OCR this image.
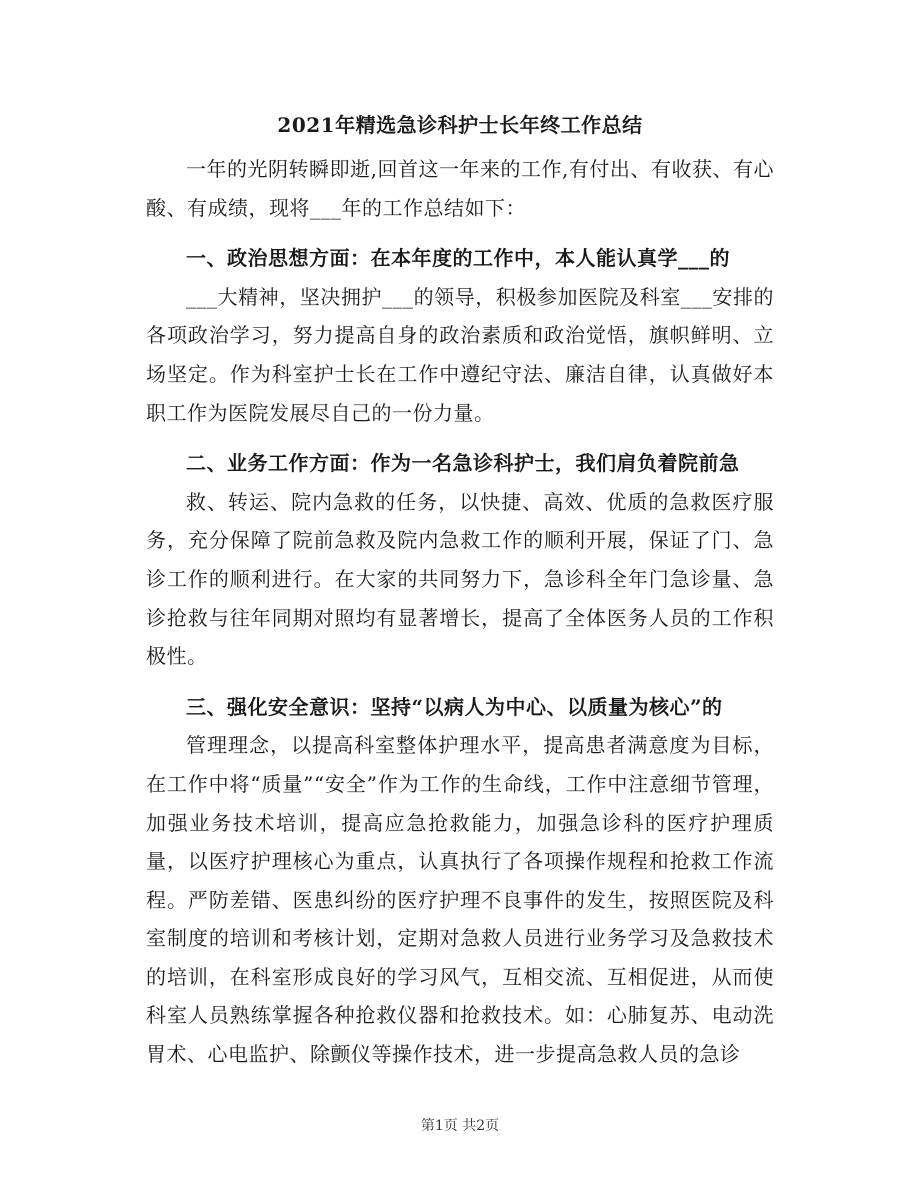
2021年精选急诊科护士长年终工作总结

一年的光阴转瞬即逝,回首这一年来的工作,有付出、有收获、有心酸、有成绩，现将___年的工作总结如下：

一、政治思想方面：在本年度的工作中，本人能认真学___的

___大精神，坚决拥护___的领导，积极参加医院及科室___安排的各项政治学习，努力提高自身的政治素质和政治觉悟，旗帜鲜明、立场坚定。作为科室护士长在工作中遵纪守法、廉洁自律，认真做好本职工作为医院发展尽自己的一份力量。

二、业务工作方面：作为一名急诊科护士，我们肩负着院前急

救、转运、院内急救的任务，以快捷、高效、优质的急救医疗服务，充分保障了院前急救及院内急救工作的顺利开展，保证了门、急诊工作的顺利进行。在大家的共同努力下，急诊科全年门急诊量、急诊抢救与往年同期对照均有显著增长，提高了全体医务人员的工作积极性。

三、强化安全意识：坚持“以病人为中心、以质量为核心”的

管理理念，以提高科室整体护理水平，提高患者满意度为目标，在工作中将“质量”“安全”作为工作的生命线，工作中注意细节管理，加强业务技术培训，提高应急抢救能力，加强急诊科的医疗护理质量，以医疗护理核心为重点，认真执行了各项操作规程和抢救工作流程。严防差错、医患纠纷的医疗护理不良事件的发生，按照医院及科室制度的培训和考核计划，定期对急救人员进行业务学习及急救技术的培训，在科室形成良好的学习风气，互相交流、互相促进，从而使科室人员熟练掌握各种抢救仪器和抢救技术。如：心肺复苏、电动洗胃术、心电监护、除颤仪等操作技术，进一步提高急救人员的急诊

第1页 共2页
